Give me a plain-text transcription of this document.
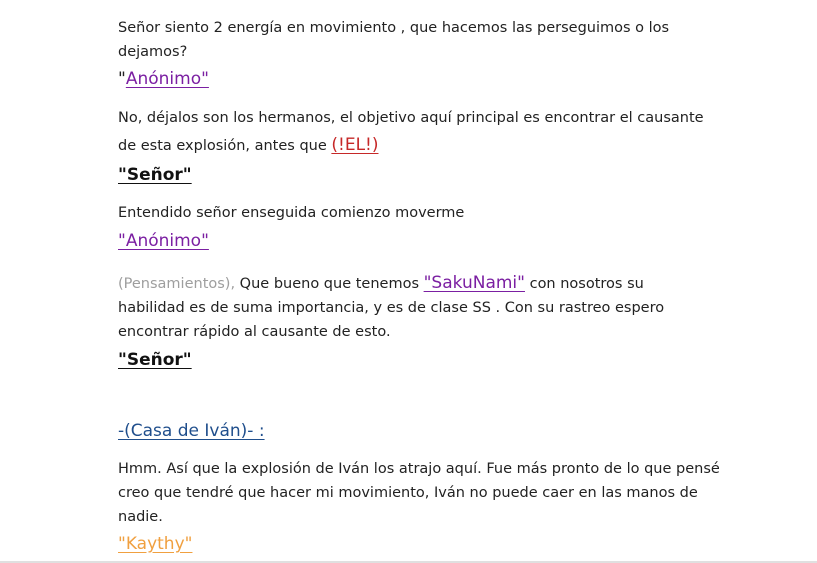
Señor siento 2 energía en movimiento , que hacemos las perseguimos o los
dejamos?
"Anónimo"
No, déjalos son los hermanos, el objetivo aquí principal es encontrar el causante
de esta explosión, antes que (!EL!)
"Señor"
Entendido señor enseguida comienzo moverme
"Anónimo"
(Pensamientos), Que bueno que tenemos "SakuNami" con nosotros su
habilidad es de suma importancia, y es de clase SS . Con su rastreo espero
encontrar rápido al causante de esto.
"Señor"
-(Casa de Iván)- :
Hmm. Así que la explosión de Iván los atrajo aquí. Fue más pronto de lo que pensé
creo que tendré que hacer mi movimiento, Iván no puede caer en las manos de
nadie.
"Kaythy"
